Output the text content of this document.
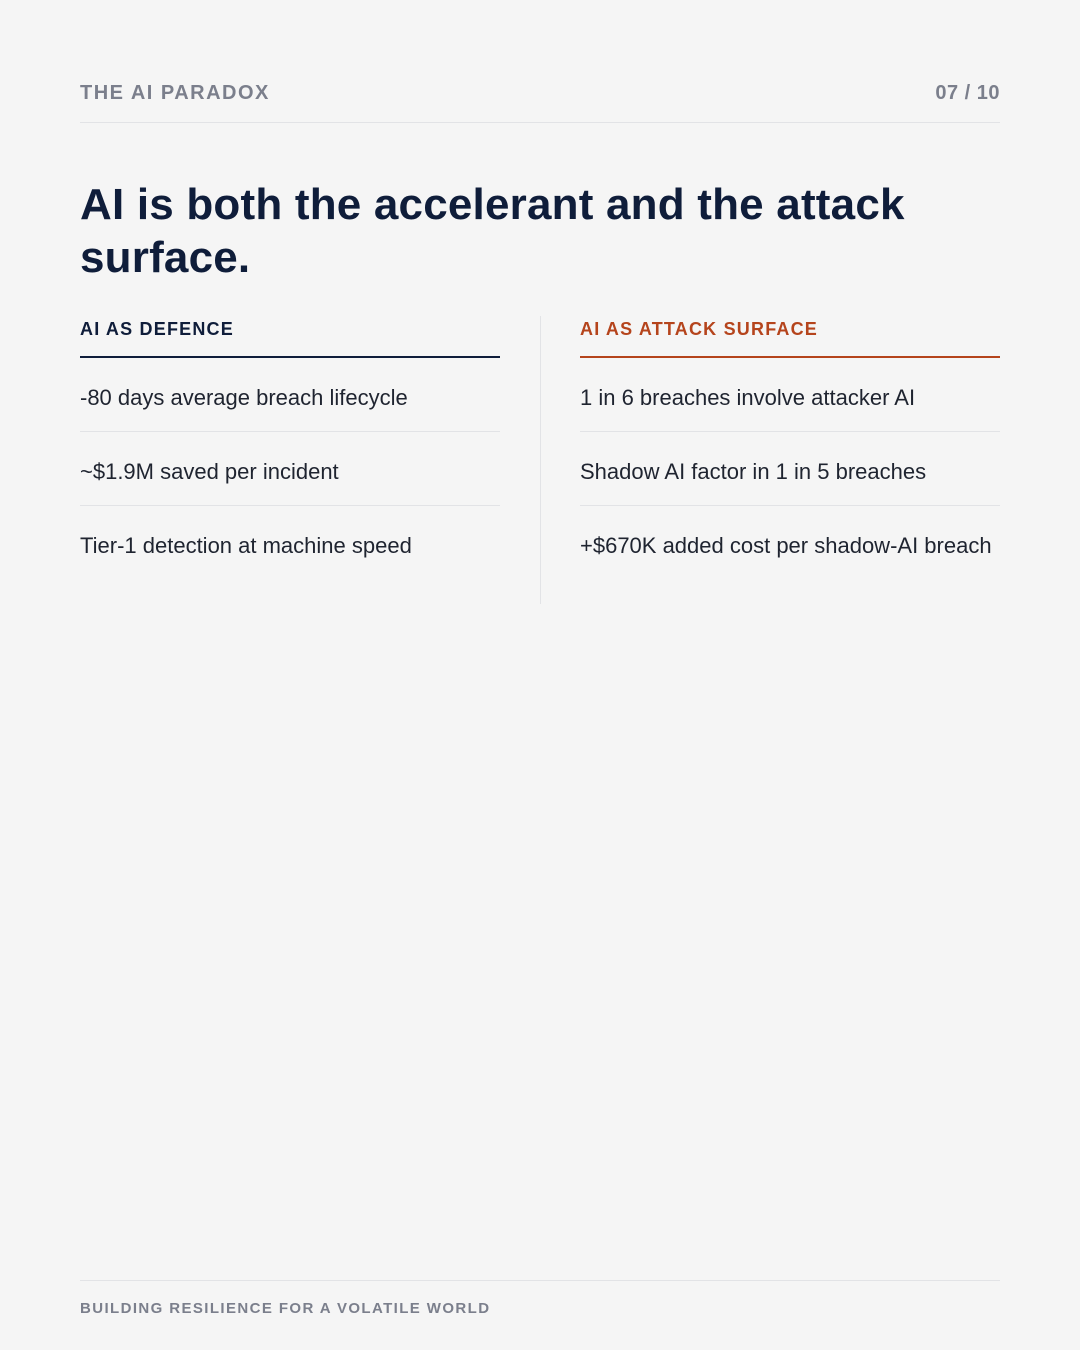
THE AI PARADOX	07 / 10
AI is both the accelerant and the attack surface.
AI AS DEFENCE
-80 days average breach lifecycle
~$1.9M saved per incident
Tier-1 detection at machine speed
AI AS ATTACK SURFACE
1 in 6 breaches involve attacker AI
Shadow AI factor in 1 in 5 breaches
+$670K added cost per shadow-AI breach
BUILDING RESILIENCE FOR A VOLATILE WORLD
